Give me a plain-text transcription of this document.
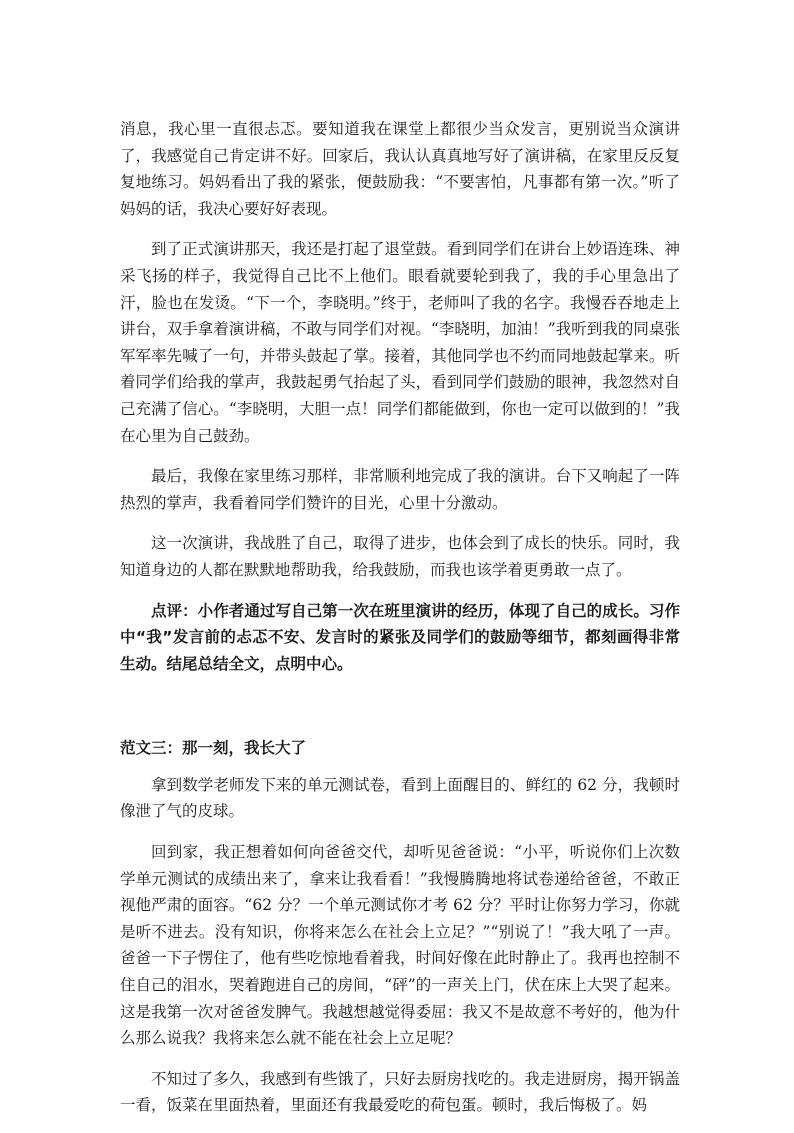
消息，我心里一直很忐忑。要知道我在课堂上都很少当众发言，更别说当众演讲了，我感觉自己肯定讲不好。回家后，我认认真真地写好了演讲稿，在家里反反复复地练习。妈妈看出了我的紧张，便鼓励我：“不要害怕，凡事都有第一次。”听了妈妈的话，我决心要好好表现。

到了正式演讲那天，我还是打起了退堂鼓。看到同学们在讲台上妙语连珠、神采飞扬的样子，我觉得自己比不上他们。眼看就要轮到我了，我的手心里急出了汗，脸也在发烫。“下一个，李晓明。”终于，老师叫了我的名字。我慢吞吞地走上讲台，双手拿着演讲稿，不敢与同学们对视。“李晓明，加油！”我听到我的同桌张军军率先喊了一句，并带头鼓起了掌。接着，其他同学也不约而同地鼓起掌来。听着同学们给我的掌声，我鼓起勇气抬起了头，看到同学们鼓励的眼神，我忽然对自己充满了信心。“李晓明，大胆一点！同学们都能做到，你也一定可以做到的！”我在心里为自己鼓劲。

最后，我像在家里练习那样，非常顺利地完成了我的演讲。台下又响起了一阵热烈的掌声，我看着同学们赞许的目光，心里十分激动。

这一次演讲，我战胜了自己，取得了进步，也体会到了成长的快乐。同时，我知道身边的人都在默默地帮助我，给我鼓励，而我也该学着更勇敢一点了。

点评：小作者通过写自己第一次在班里演讲的经历，体现了自己的成长。习作中“我”发言前的忐忑不安、发言时的紧张及同学们的鼓励等细节，都刻画得非常生动。结尾总结全文，点明中心。

范文三：那一刻，我长大了

拿到数学老师发下来的单元测试卷，看到上面醒目的、鲜红的 62 分，我顿时像泄了气的皮球。

回到家，我正想着如何向爸爸交代，却听见爸爸说：“小平，听说你们上次数学单元测试的成绩出来了，拿来让我看看！”我慢腾腾地将试卷递给爸爸，不敢正视他严肃的面容。“62 分？一个单元测试你才考 62 分？平时让你努力学习，你就是听不进去。没有知识，你将来怎么在社会上立足？”“别说了！”我大吼了一声。爸爸一下子愣住了，他有些吃惊地看着我，时间好像在此时静止了。我再也控制不住自己的泪水，哭着跑进自己的房间，“砰”的一声关上门，伏在床上大哭了起来。这是我第一次对爸爸发脾气。我越想越觉得委屈：我又不是故意不考好的，他为什么那么说我？我将来怎么就不能在社会上立足呢？

不知过了多久，我感到有些饿了，只好去厨房找吃的。我走进厨房，揭开锅盖一看，饭菜在里面热着，里面还有我最爱吃的荷包蛋。顿时，我后悔极了。妈
